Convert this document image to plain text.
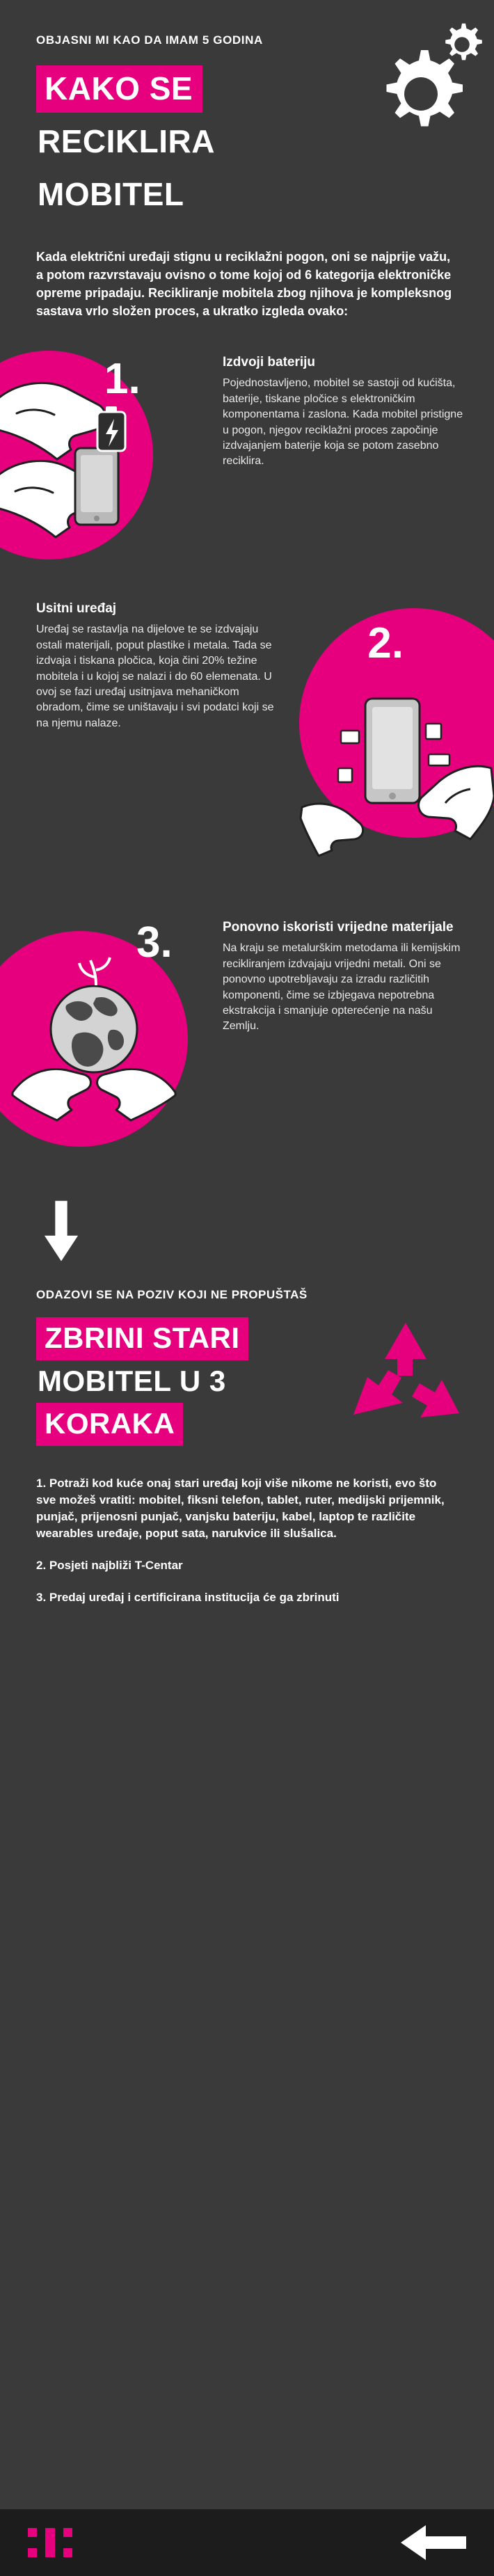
OBJASNI MI KAO DA IMAM 5 GODINA
KAKO SE
RECIKLIRA
MOBITEL
Kada električni uređaji stignu u reciklažni pogon, oni se najprije važu, a potom razvrstavaju ovisno o tome kojoj od 6 kategorija elektroničke opreme pripadaju. Recikliranje mobitela zbog njihova je kompleksnog sastava vrlo složen proces, a ukratko izgleda ovako:
1.	Izdvoji bateriju
Pojednostavljeno, mobitel se sastoji od kućišta, baterije, tiskane pločice s elektroničkim komponentama i zaslona. Kada mobitel pristigne u pogon, njegov reciklažni proces započinje izdvajanjem baterije koja se potom zasebno reciklira.
2.
Usitni uređaj
Uređaj se rastavlja na dijelove te se izdvajaju ostali materijali, poput plastike i metala. Tada se izdvaja i tiskana pločica, koja čini 20% težine mobitela i u kojoj se nalazi i do 60 elemenata. U ovoj se fazi uređaj usitnjava mehaničkom obradom, čime se uništavaju i svi podatci koji se na njemu nalaze.
3.	Ponovno iskoristi vrijedne materijale
Na kraju se metalurškim metodama ili kemijskim recikliranjem izdvajaju vrijedni metali. Oni se ponovno upotrebljavaju za izradu različitih komponenti, čime se izbjegava nepotrebna ekstrakcija i smanjuje opterećenje na našu Zemlju.
ODAZOVI SE NA POZIV KOJI NE PROPUŠTAŠ
ZBRINI STARI
MOBITEL U 3
KORAKA

1. Potraži kod kuće onaj stari uređaj koji više nikome ne koristi, evo što sve možeš vratiti: mobitel, fiksni telefon, tablet, ruter, medijski prijemnik, punjač, prijenosni punjač, vanjsku bateriju, kabel, laptop te različite wearables uređaje, poput sata, narukvice ili slušalica.

2. Posjeti najbliži T-Centar

3. Predaj uređaj i certificirana institucija će ga zbrinuti
